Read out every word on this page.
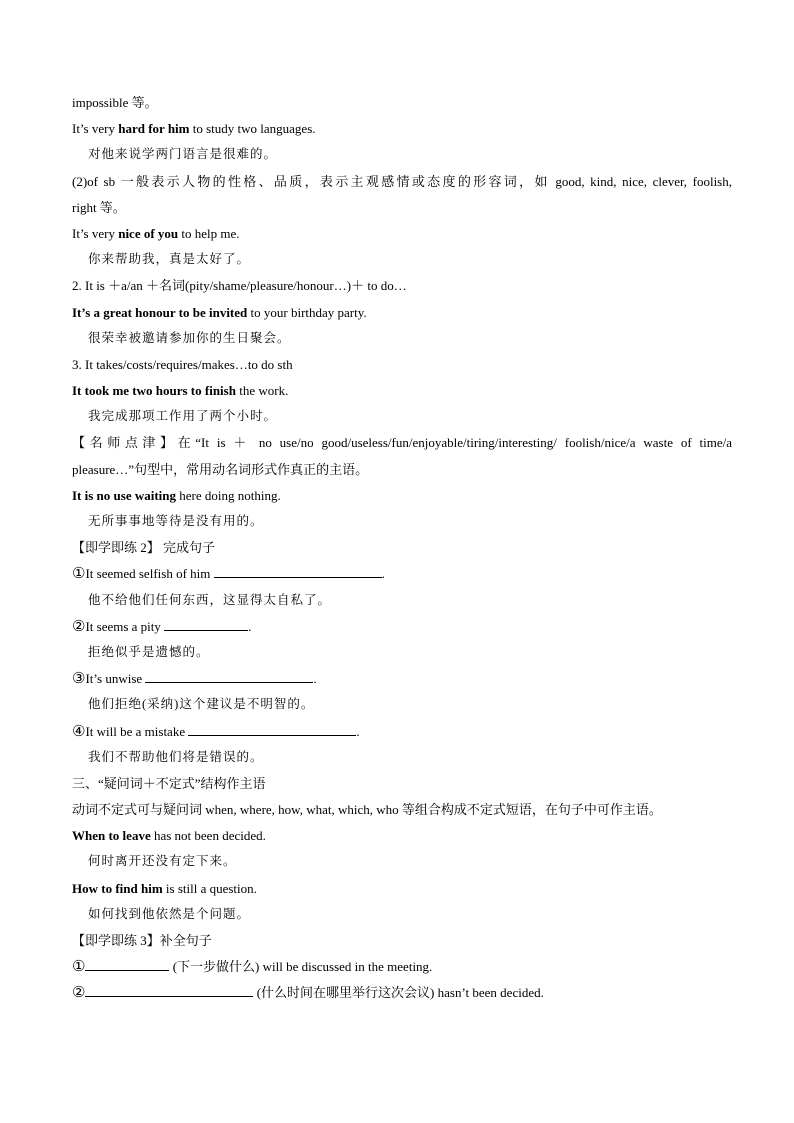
impossible 等。
It’s very hard for him to study two languages.
对他来说学两门语言是很难的。
(2)of sb 一般表示人物的性格、品质，表示主观感情或态度的形容词，如 good, kind, nice, clever, foolish,
right 等。
It’s very nice of you to help me.
你来帮助我，真是太好了。
2. It is ＋a/an ＋名词(pity/shame/pleasure/honour…)＋ to do…
It’s a great honour to be invited to your birthday party.
很荣幸被邀请参加你的生日聚会。
3. It takes/costs/requires/makes…to do sth
It took me two hours to finish the work.
我完成那项工作用了两个小时。
【名师点津】在“It is ＋ no use/no good/useless/fun/enjoyable/tiring/interesting/ foolish/nice/a waste of time/a
pleasure…”句型中，常用动名词形式作真正的主语。
It is no use waiting here doing nothing.
无所事事地等待是没有用的。
【即学即练 2】 完成句子
①It seemed selfish of him	.
他不给他们任何东西，这显得太自私了。
②It seems a pity	.
拒绝似乎是遗憾的。
③It’s unwise	.
他们拒绝(采纳)这个建议是不明智的。
④It will be a mistake	.
我们不帮助他们将是错误的。
三、“疑问词＋不定式”结构作主语
动词不定式可与疑问词 when, where, how, what, which, who 等组合构成不定式短语，在句子中可作主语。
When to leave has not been decided.
何时离开还没有定下来。
How to find him is still a question.
如何找到他依然是个问题。
【即学即练 3】补全句子
①	(下一步做什么) will be discussed in the meeting.
②	(什么时间在哪里举行这次会议) hasn’t been decided.
